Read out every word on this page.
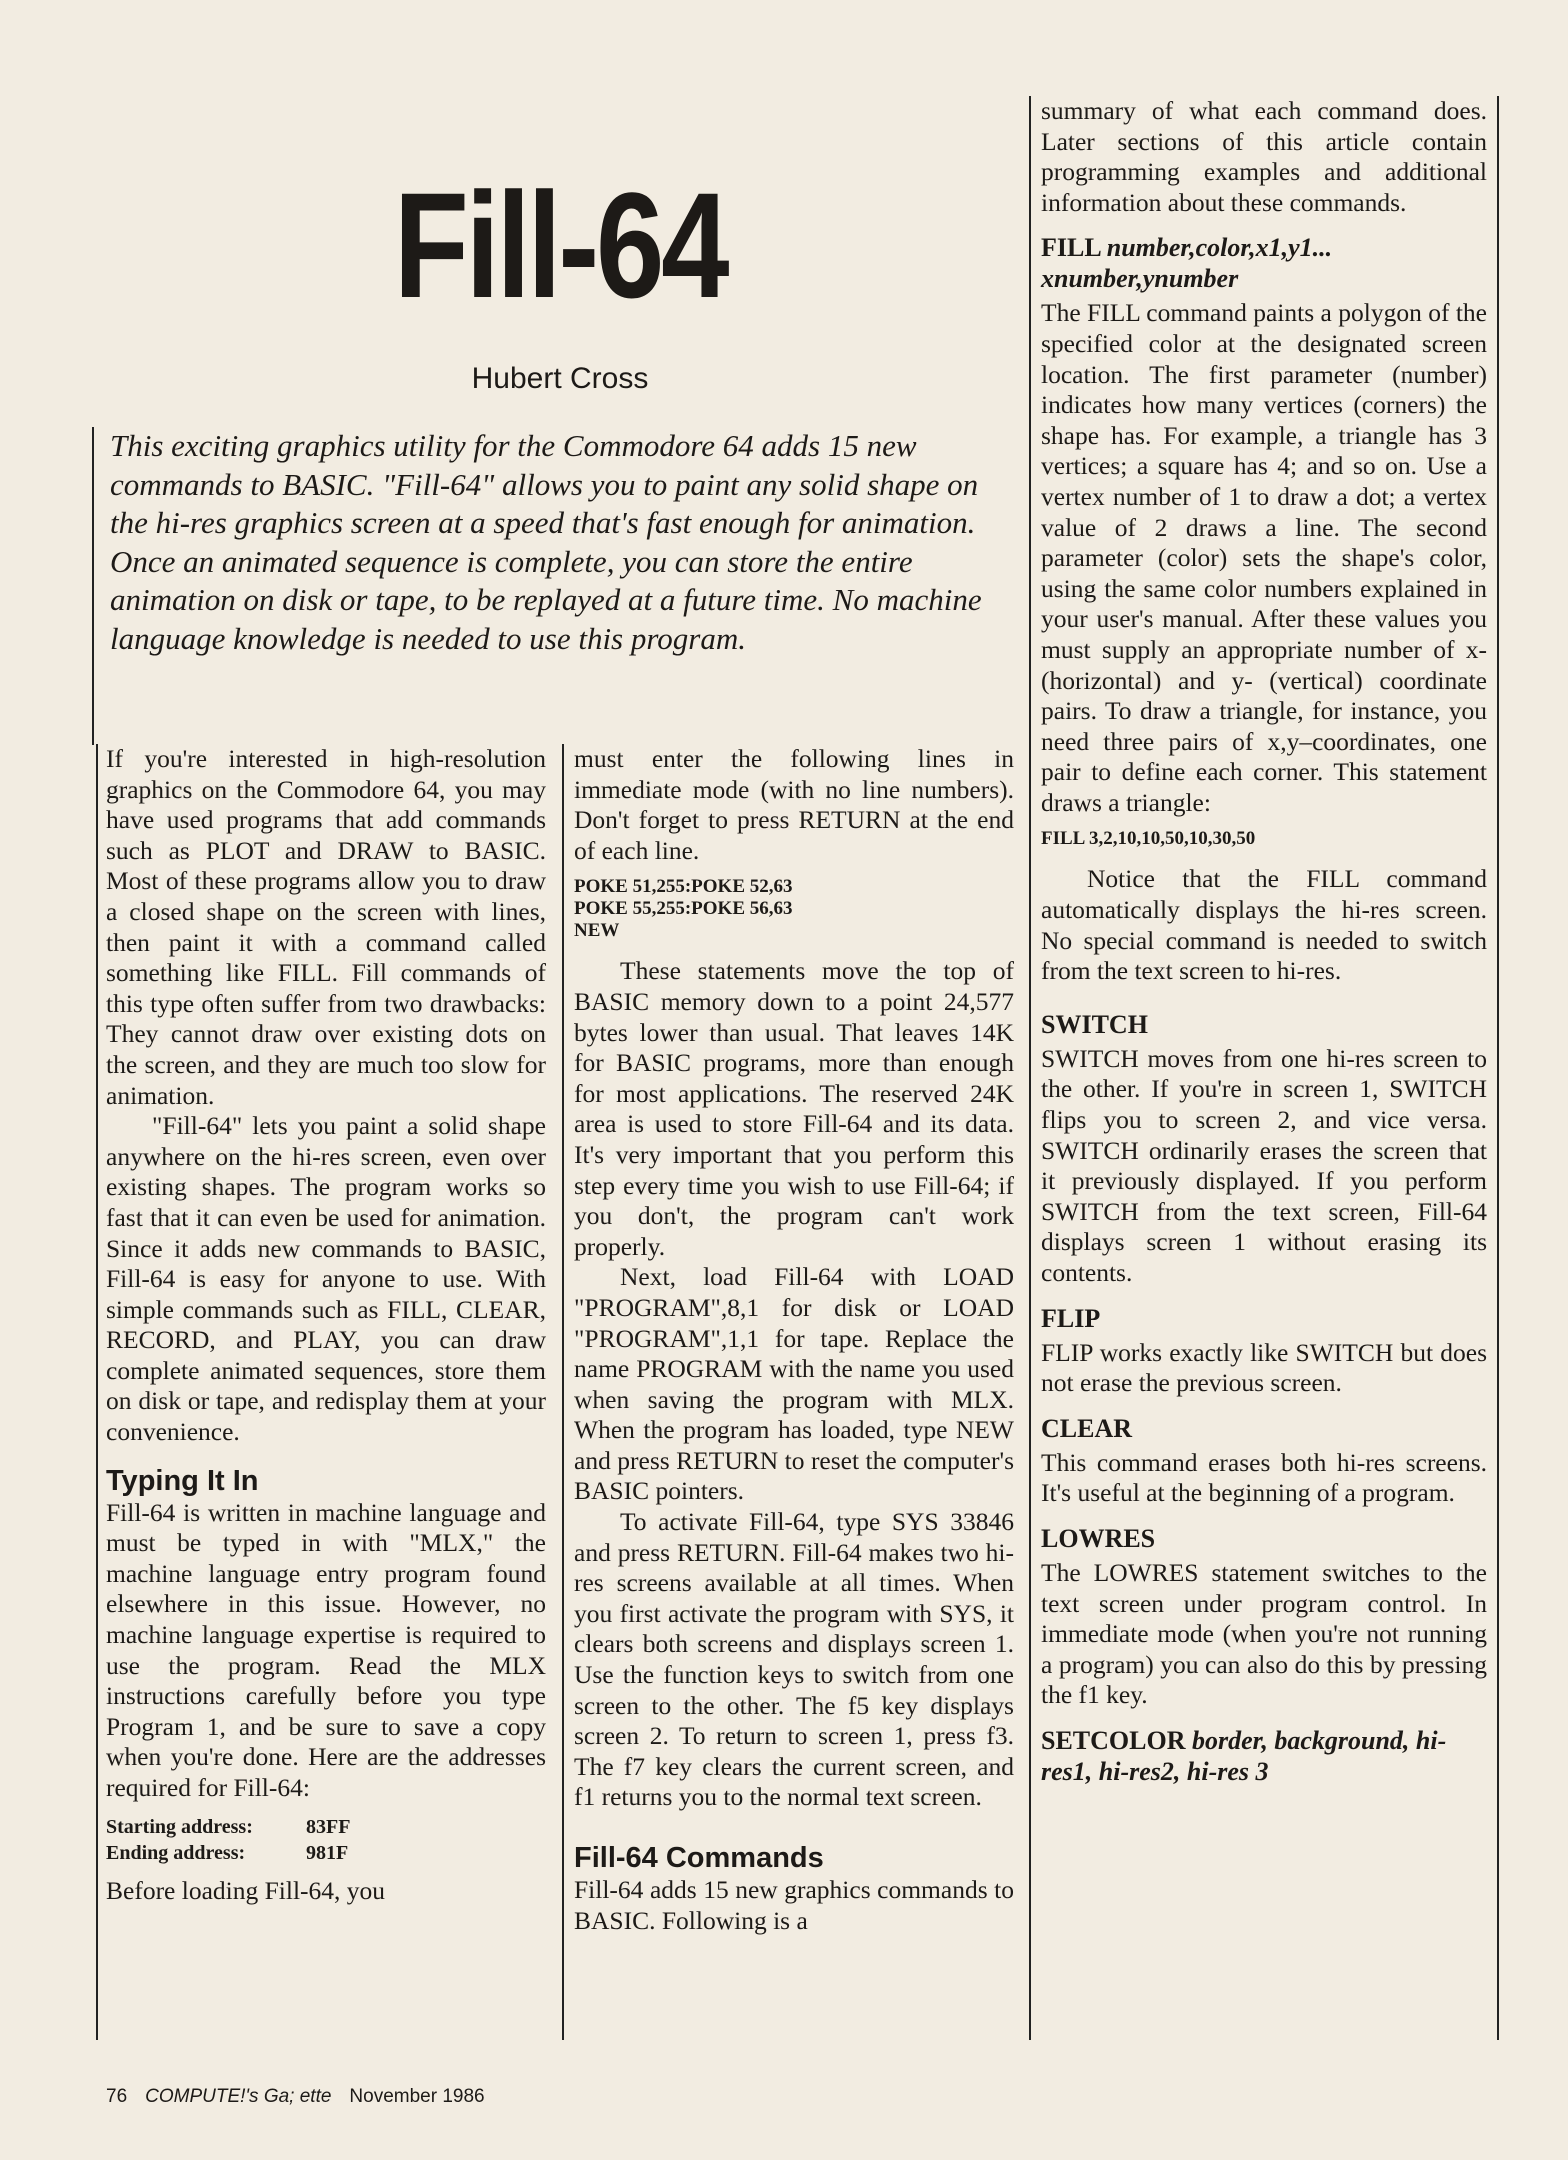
Fill-64
Hubert Cross
This exciting graphics utility for the Commodore 64 adds 15 new commands to BASIC. "Fill-64" allows you to paint any solid shape on the hi-res graphics screen at a speed that's fast enough for animation. Once an animated sequence is complete, you can store the entire animation on disk or tape, to be replayed at a future time. No machine language knowledge is needed to use this program.

If you're interested in high-resolution graphics on the Commodore 64, you may have used programs that add commands such as PLOT and DRAW to BASIC. Most of these programs allow you to draw a closed shape on the screen with lines, then paint it with a command called something like FILL. Fill commands of this type often suffer from two drawbacks: They cannot draw over existing dots on the screen, and they are much too slow for animation.

"Fill-64" lets you paint a solid shape anywhere on the hi-res screen, even over existing shapes. The program works so fast that it can even be used for animation. Since it adds new commands to BASIC, Fill-64 is easy for anyone to use. With simple commands such as FILL, CLEAR, RECORD, and PLAY, you can draw complete animated sequences, store them on disk or tape, and redisplay them at your convenience.

Typing It In

Fill-64 is written in machine language and must be typed in with "MLX," the machine language entry program found elsewhere in this issue. However, no machine language expertise is required to use the program. Read the MLX instructions carefully before you type Program 1, and be sure to save a copy when you're done. Here are the addresses required for Fill-64:

Starting address:	83FF
Ending address:	981F

Before loading Fill-64, you

must enter the following lines in immediate mode (with no line numbers). Don't forget to press RETURN at the end of each line.

POKE 51,255:POKE 52,63
POKE 55,255:POKE 56,63
NEW

These statements move the top of BASIC memory down to a point 24,577 bytes lower than usual. That leaves 14K for BASIC programs, more than enough for most applications. The reserved 24K area is used to store Fill-64 and its data. It's very important that you perform this step every time you wish to use Fill-64; if you don't, the program can't work properly.

Next, load Fill-64 with LOAD "PROGRAM",8,1 for disk or LOAD "PROGRAM",1,1 for tape. Replace the name PROGRAM with the name you used when saving the program with MLX. When the program has loaded, type NEW and press RETURN to reset the computer's BASIC pointers.

To activate Fill-64, type SYS 33846 and press RETURN. Fill-64 makes two hi-res screens available at all times. When you first activate the program with SYS, it clears both screens and displays screen 1. Use the function keys to switch from one screen to the other. The f5 key displays screen 2. To return to screen 1, press f3. The f7 key clears the current screen, and f1 returns you to the normal text screen.

Fill-64 Commands

Fill-64 adds 15 new graphics commands to BASIC. Following is a

summary of what each command does. Later sections of this article contain programming examples and additional information about these commands.

FILL number,color,x1,y1... xnumber,ynumber

The FILL command paints a polygon of the specified color at the designated screen location. The first parameter (number) indicates how many vertices (corners) the shape has. For example, a triangle has 3 vertices; a square has 4; and so on. Use a vertex number of 1 to draw a dot; a vertex value of 2 draws a line. The second parameter (color) sets the shape's color, using the same color numbers explained in your user's manual. After these values you must supply an appropriate number of x- (horizontal) and y- (vertical) coordinate pairs. To draw a triangle, for instance, you need three pairs of x,y–coordinates, one pair to define each corner. This statement draws a triangle:

FILL 3,2,10,10,50,10,30,50

Notice that the FILL command automatically displays the hi-res screen. No special command is needed to switch from the text screen to hi-res.

SWITCH

SWITCH moves from one hi-res screen to the other. If you're in screen 1, SWITCH flips you to screen 2, and vice versa. SWITCH ordinarily erases the screen that it previously displayed. If you perform SWITCH from the text screen, Fill-64 displays screen 1 without erasing its contents.

FLIP

FLIP works exactly like SWITCH but does not erase the previous screen.

CLEAR

This command erases both hi-res screens. It's useful at the beginning of a program.

LOWRES

The LOWRES statement switches to the text screen under program control. In immediate mode (when you're not running a program) you can also do this by pressing the f1 key.

SETCOLOR border, background, hi-res1, hi-res2, hi-res 3

76 COMPUTE!'s Ga; ette November 1986
